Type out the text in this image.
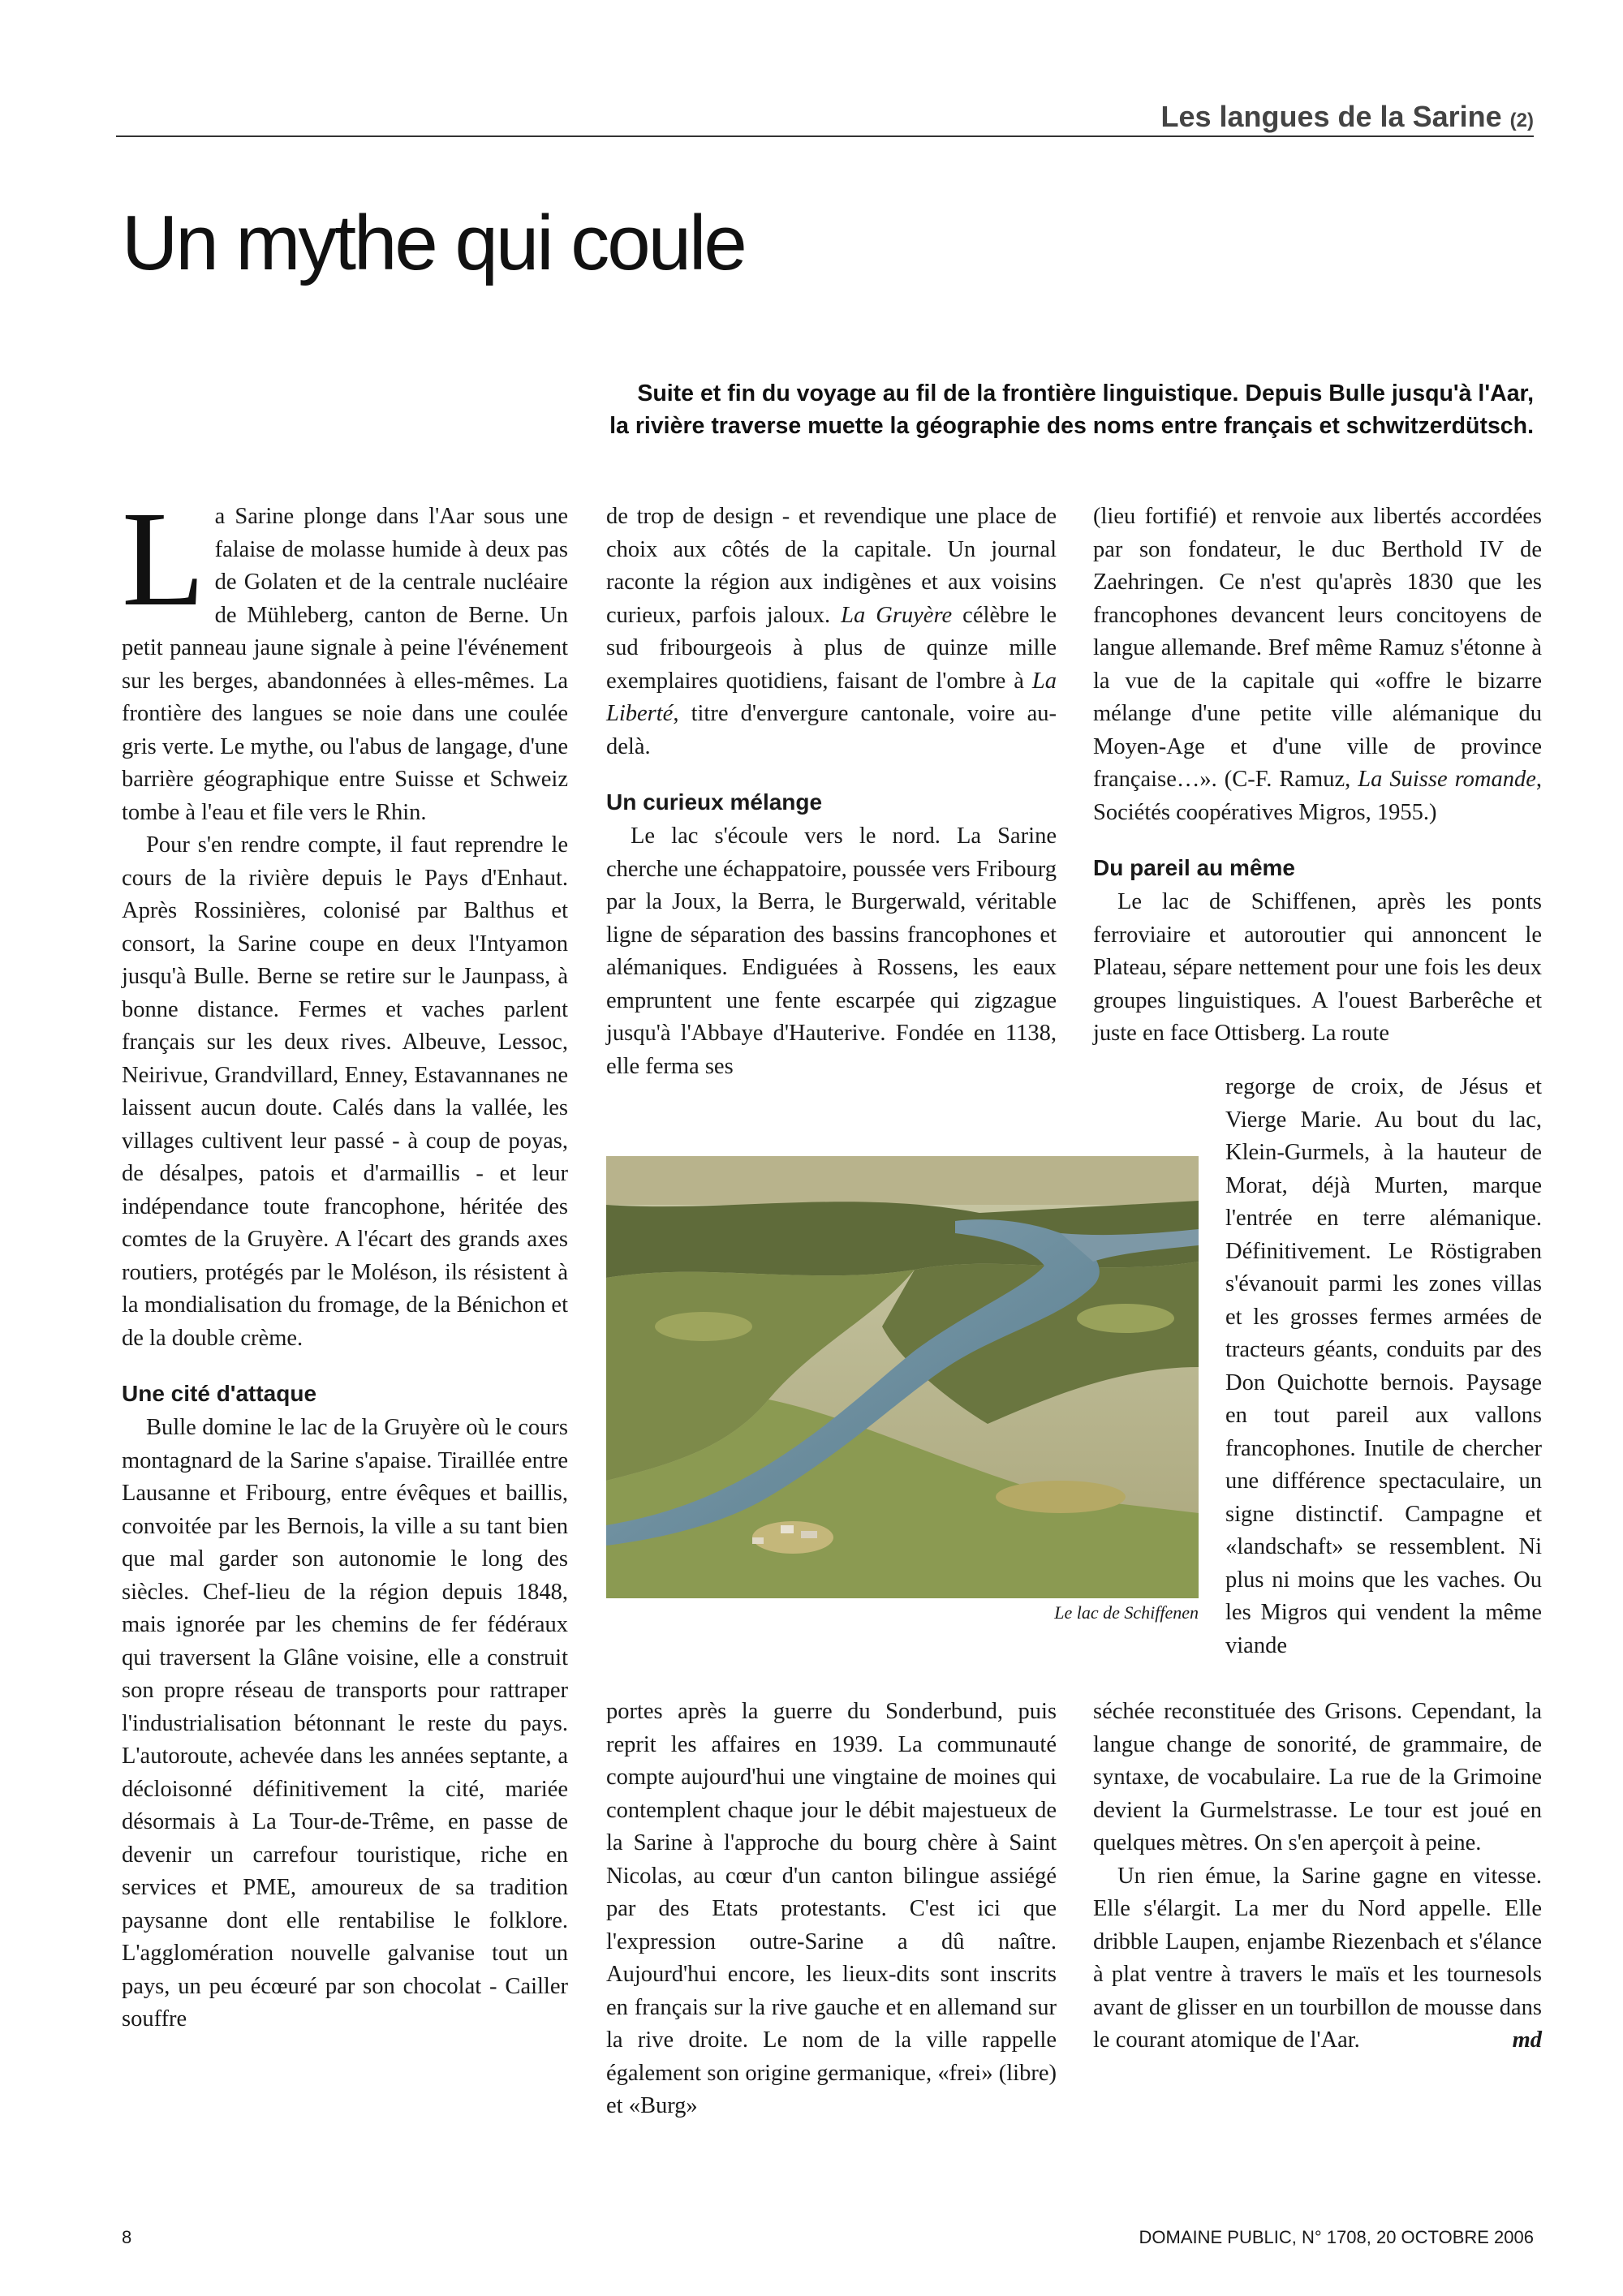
Les langues de la Sarine (2)
Un mythe qui coule
Suite et fin du voyage au fil de la frontière linguistique. Depuis Bulle jusqu'à l'Aar,
la rivière traverse muette la géographie des noms entre français et schwitzerdütsch.

La Sarine plonge dans l'Aar sous une falaise de molasse humide à deux pas de Golaten et de la centrale nucléaire de Mühleberg, canton de Berne. Un petit panneau jaune signale à peine l'événement sur les berges, abandonnées à elles-mêmes. La frontière des langues se noie dans une coulée gris verte. Le mythe, ou l'abus de langage, d'une barrière géographique entre Suisse et Schweiz tombe à l'eau et file vers le Rhin.

Pour s'en rendre compte, il faut reprendre le cours de la rivière depuis le Pays d'Enhaut. Après Rossinières, colonisé par Balthus et consort, la Sarine coupe en deux l'Intyamon jusqu'à Bulle. Berne se retire sur le Jaunpass, à bonne distance. Fermes et vaches parlent français sur les deux rives. Albeuve, Lessoc, Neirivue, Grandvillard, Enney, Estavannanes ne laissent aucun doute. Calés dans la vallée, les villages cultivent leur passé - à coup de poyas, de désalpes, patois et d'armaillis - et leur indépendance toute francophone, héritée des comtes de la Gruyère. A l'écart des grands axes routiers, protégés par le Moléson, ils résistent à la mondialisation du fromage, de la Bénichon et de la double crème.

Une cité d'attaque

Bulle domine le lac de la Gruyère où le cours montagnard de la Sarine s'apaise. Tiraillée entre Lausanne et Fribourg, entre évêques et baillis, convoitée par les Bernois, la ville a su tant bien que mal garder son autonomie le long des siècles. Chef-lieu de la région depuis 1848, mais ignorée par les chemins de fer fédéraux qui traversent la Glâne voisine, elle a construit son propre réseau de transports pour rattraper l'industrialisation bétonnant le reste du pays. L'autoroute, achevée dans les années septante, a décloisonné définitivement la cité, mariée désormais à La Tour-de-Trême, en passe de devenir un carrefour touristique, riche en services et PME, amoureux de sa tradition paysanne dont elle rentabilise le folklore. L'agglomération nouvelle galvanise tout un pays, un peu écœuré par son chocolat - Cailler souffre

de trop de design - et revendique une place de choix aux côtés de la capitale. Un journal raconte la région aux indigènes et aux voisins curieux, parfois jaloux. La Gruyère célèbre le sud fribourgeois à plus de quinze mille exemplaires quotidiens, faisant de l'ombre à La Liberté, titre d'envergure cantonale, voire au-delà.

Un curieux mélange

Le lac s'écoule vers le nord. La Sarine cherche une échappatoire, poussée vers Fribourg par la Joux, la Berra, le Burgerwald, véritable ligne de séparation des bassins francophones et alémaniques. Endiguées à Rossens, les eaux empruntent une fente escarpée qui zigzague jusqu'à l'Abbaye d'Hauterive. Fondée en 1138, elle ferma ses

Le lac de Schiffenen

portes après la guerre du Sonderbund, puis reprit les affaires en 1939. La communauté compte aujourd'hui une vingtaine de moines qui contemplent chaque jour le débit majestueux de la Sarine à l'approche du bourg chère à Saint Nicolas, au cœur d'un canton bilingue assiégé par des Etats protestants. C'est ici que l'expression outre-Sarine a dû naître. Aujourd'hui encore, les lieux-dits sont inscrits en français sur la rive gauche et en allemand sur la rive droite. Le nom de la ville rappelle également son origine germanique, «frei» (libre) et «Burg»

(lieu fortifié) et renvoie aux libertés accordées par son fondateur, le duc Berthold IV de Zaehringen. Ce n'est qu'après 1830 que les francophones devancent leurs concitoyens de langue allemande. Bref même Ramuz s'étonne à la vue de la capitale qui «offre le bizarre mélange d'une petite ville alémanique du Moyen-Age et d'une ville de province française…». (C-F. Ramuz, La Suisse romande, Sociétés coopératives Migros, 1955.)

Du pareil au même

Le lac de Schiffenen, après les ponts ferroviaire et autoroutier qui annoncent le Plateau, sépare nettement pour une fois les deux groupes linguistiques. A l'ouest Barberêche et juste en face Ottisberg. La route

regorge de croix, de Jésus et Vierge Marie. Au bout du lac, Klein-Gurmels, à la hauteur de Morat, déjà Murten, marque l'entrée en terre alémanique. Définitivement. Le Röstigraben s'évanouit parmi les zones villas et les grosses fermes armées de tracteurs géants, conduits par des Don Quichotte bernois. Paysage en tout pareil aux vallons francophones. Inutile de chercher une différence spectaculaire, un signe distinctif. Campagne et «landschaft» se ressemblent. Ni plus ni moins que les vaches. Ou les Migros qui vendent la même viande

séchée reconstituée des Grisons. Cependant, la langue change de sonorité, de grammaire, de syntaxe, de vocabulaire. La rue de la Grimoine devient la Gurmelstrasse. Le tour est joué en quelques mètres. On s'en aperçoit à peine.

Un rien émue, la Sarine gagne en vitesse. Elle s'élargit. La mer du Nord appelle. Elle dribble Laupen, enjambe Riezenbach et s'élance à plat ventre à travers le maïs et les tournesols avant de glisser en un tourbillon de mousse dans le courant atomique de l'Aar.	md

8	DOMAINE PUBLIC, N° 1708, 20 OCTOBRE 2006
